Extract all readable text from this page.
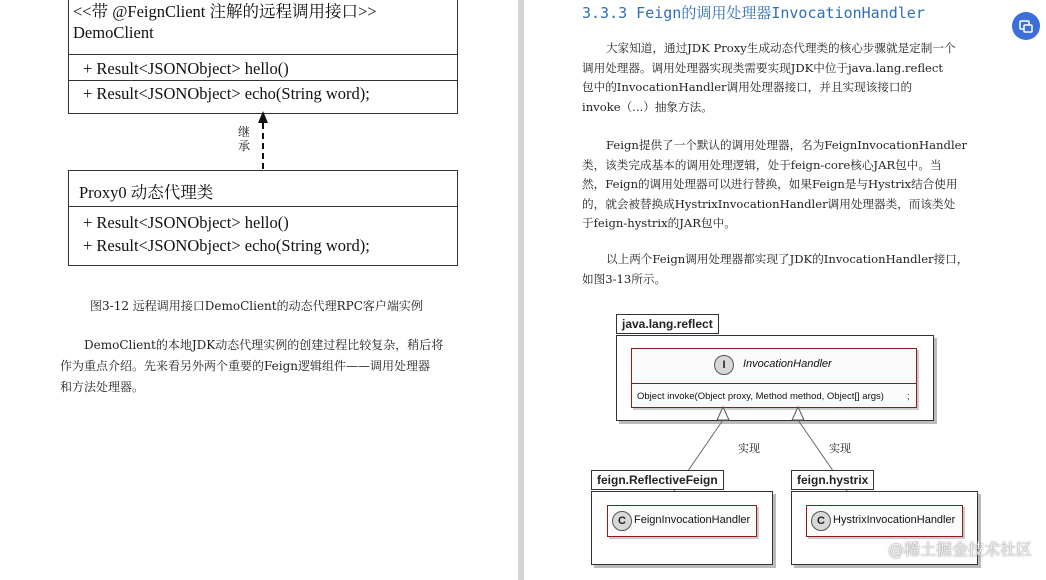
<<带 @FeignClient 注解的远程调用接口>>
DemoClient
+ Result<JSONObject> hello()
+ Result<JSONObject> echo(String word);
继承
Proxy0 动态代理类
+ Result<JSONObject> hello()
+ Result<JSONObject> echo(String word);
图3-12 远程调用接口DemoClient的动态代理RPC客户端实例
DemoClient的本地JDK动态代理实例的创建过程比较复杂，稍后将
作为重点介绍。先来看另外两个重要的Feign逻辑组件——调用处理器
和方法处理器。
3.3.3 Feign的调用处理器InvocationHandler
大家知道，通过JDK Proxy生成动态代理类的核心步骤就是定制一个
调用处理器。调用处理器实现类需要实现JDK中位于java.lang.reflect
包中的InvocationHandler调用处理器接口，并且实现该接口的
invoke（...）抽象方法。
Feign提供了一个默认的调用处理器，名为FeignInvocationHandler
类，该类完成基本的调用处理逻辑，处于feign-core核心JAR包中。当
然，Feign的调用处理器可以进行替换，如果Feign是与Hystrix结合使用
的，就会被替换成HystrixInvocationHandler调用处理器类，而该类处
于feign-hystrix的JAR包中。
以上两个Feign调用处理器都实现了JDK的InvocationHandler接口，
如图3-13所示。
java.lang.reflect
I	InvocationHandler
Object invoke(Object proxy, Method method, Object[] args) ;
实现	实现
feign.ReflectiveFeign
C FeignInvocationHandler
feign.hystrix
C HystrixInvocationHandler
@稀土掘金技术社区
